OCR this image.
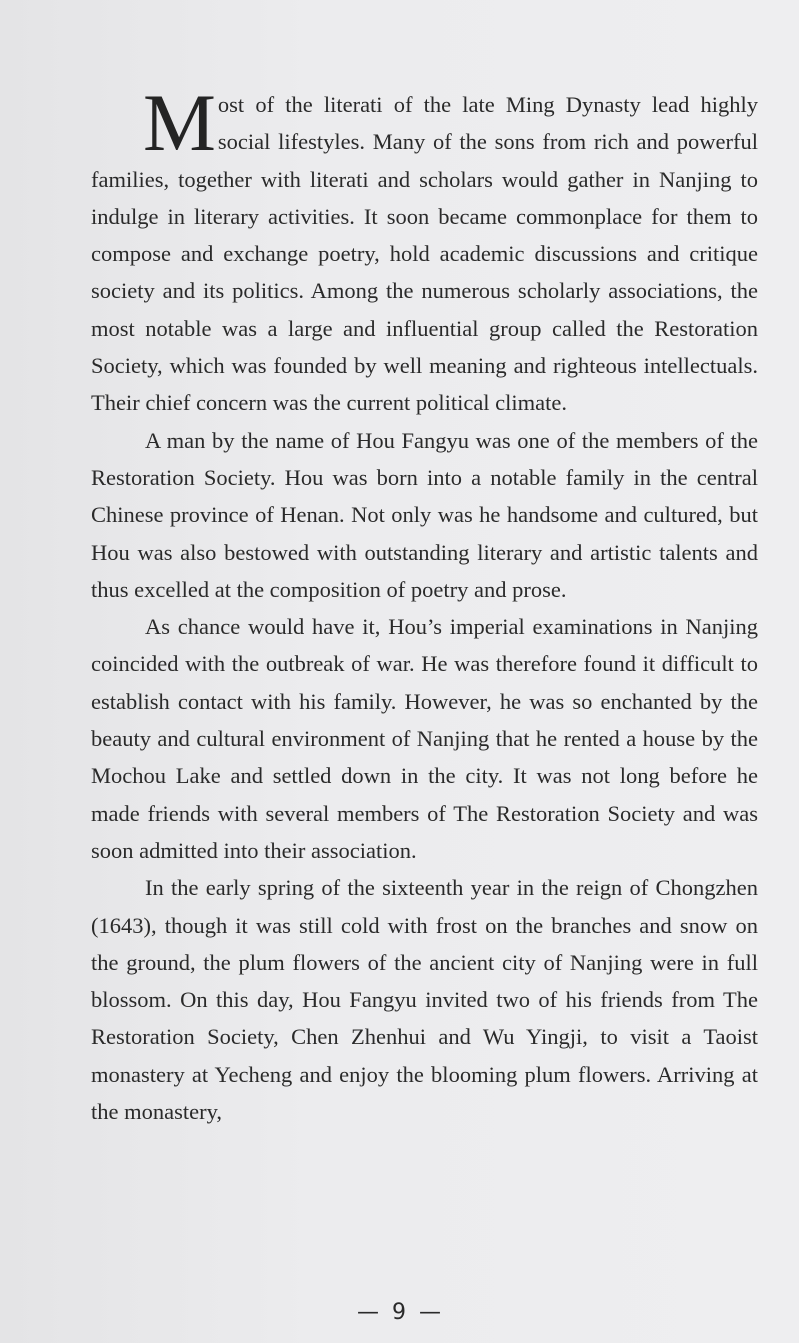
Most of the literati of the late Ming Dynasty lead highly social lifestyles. Many of the sons from rich and powerful families, together with literati and scholars would gather in Nanjing to indulge in literary activities. It soon became commonplace for them to compose and exchange poetry, hold academic discussions and critique society and its politics. Among the numerous scholarly associations, the most notable was a large and influential group called the Restoration Society, which was founded by well meaning and righteous intellectuals. Their chief concern was the current political climate.

A man by the name of Hou Fangyu was one of the members of the Restoration Society. Hou was born into a notable family in the central Chinese province of Henan. Not only was he handsome and cultured, but Hou was also bestowed with outstanding literary and artistic talents and thus excelled at the composition of poetry and prose.

As chance would have it, Hou’s imperial examinations in Nanjing coincided with the outbreak of war. He was therefore found it difficult to establish contact with his family. However, he was so enchanted by the beauty and cultural environment of Nanjing that he rented a house by the Mochou Lake and settled down in the city. It was not long before he made friends with several members of The Restoration Society and was soon admitted into their association.

In the early spring of the sixteenth year in the reign of Chongzhen (1643), though it was still cold with frost on the branches and snow on the ground, the plum flowers of the ancient city of Nanjing were in full blossom. On this day, Hou Fangyu invited two of his friends from The Restoration Society, Chen Zhenhui and Wu Yingji, to visit a Taoist monastery at Yecheng and enjoy the blooming plum flowers. Arriving at the monastery,

— 9 —
